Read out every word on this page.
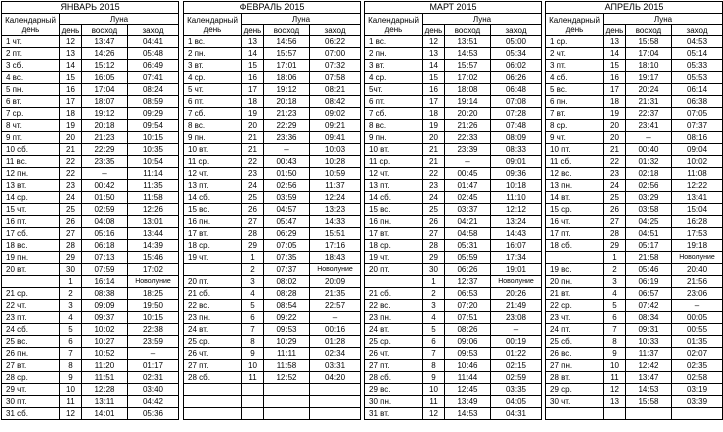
ЯНВАРЬ 2015			
Календарный день	Луна		
	день	восход	заход
1 чт.	12	13:47	04:41
2 пт.	13	14:26	05:48
3 сб.	14	15:12	06:49
4 вс.	15	16:05	07:41
5 пн.	16	17:04	08:24
6 вт.	17	18:07	08:59
7 ср.	18	19:12	09:29
8 чт.	19	20:18	09:54
9 пт.	20	21:23	10:15
10 сб.	21	22:29	10:35
11 вс.	22	23:35	10:54
12 пн.	22	–	11:14
13 вт.	23	00:42	11:35
14 ср.	24	01:50	11:58
15 чт.	25	02:59	12:26
16 пт.	26	04:08	13:01
17 сб.	27	05:16	13:44
18 вс.	28	06:18	14:39
19 пн.	29	07:13	15:46
20 вт.	30	07:59	17:02
	1	16:14	Новолуние
21 ср.	2	08:38	18:25
22 чт.	3	09:09	19:50
23 пт.	4	09:37	10:15
24 сб.	5	10:02	22:38
25 вс.	6	10:27	23:59
26 пн.	7	10:52	–
27 вт.	8	11:20	01:17
28 ср.	9	11:51	02:31
29 чт.	10	12:28	03:40
30 пт.	11	13:11	04:42
31 сб.	12	14:01	05:36
ФЕВРАЛЬ 2015			
Календарный день	Луна		
	день	восход	заход
1 вс.	13	14:56	06:22
2 пн.	14	15:57	07:00
3 вт.	15	17:01	07:32
4 ср.	16	18:06	07:58
5 чт.	17	19:12	08:21
6 пт.	18	20:18	08:42
7 сб.	19	21:23	09:02
8 вс.	20	22:29	09:21
9 пн.	21	23:36	09:41
10 вт.	21	–	10:03
11 ср.	22	00:43	10:28
12 чт.	23	01:50	10:59
13 пт.	24	02:56	11:37
14 сб.	25	03:59	12:24
15 вс.	26	04:57	13:23
16 пн.	27	05:47	14:33
17 вт.	28	06:29	15:51
18 ср.	29	07:05	17:16
19 чт.	1	07:35	18:43
	2	07:37	Новолуние
20 пт.	3	08:02	20:09
21 сб.	4	08:28	21:35
22 вс.	5	08:54	22:57
23 пн.	6	09:22	–
24 вт.	7	09:53	00:16
25 ср.	8	10:29	01:28
26 чт.	9	11:11	02:34
27 пт.	10	11:58	03:31
28 сб.	11	12:52	04:20

МАРТ 2015			
Календарный день	Луна		
	день	восход	заход
1 вс.	12	13:51	05:00
2 пн.	13	14:53	05:34
3 вт.	14	15:57	06:02
4 ср.	15	17:02	06:26
5чт.	16	18:08	06:48
6 пт.	17	19:14	07:08
7 сб.	18	20:20	07:28
8 вс.	19	21:26	07:48
9 пн.	20	22:33	08:09
10 вт.	21	23:39	08:33
11 ср.	21	–	09:01
12 чт.	22	00:45	09:36
13 пт.	23	01:47	10:18
14 сб.	24	02:45	11:10
15 вс.	25	03:37	12:12
16 пн.	26	04:21	13:24
17 вт.	27	04:58	14:43
18 ср.	28	05:31	16:07
19 чт.	29	05:59	17:34
20 пт.	30	06:26	19:01
	1	12:37	Новолуние
21 сб.	2	06:53	20:26
22 вс.	3	07:20	21:49
23 пн.	4	07:51	23:08
24 вт.	5	08:26	–
25 ср.	6	09:06	00:19
26 чт.	7	09:53	01:22
27 пт.	8	10:46	02:15
28 сб.	9	11:44	02:59
29 вс.	10	12:45	03:35
30 пн.	11	13:49	04:05
31 вт.	12	14:53	04:31
АПРЕЛЬ 2015			
Календарный день	Луна		
	день	восход	заход
1 ср.	13	15:58	04:53
2 чт.	14	17:04	05:14
3 пт.	15	18:10	05:33
4 сб.	16	19:17	05:53
5 вс.	17	20:24	06:14
6 пн.	18	21:31	06:38
7 вт.	19	22:37	07:05
8 ср.	20	23:41	07:37
9 чт.	20	–	08:16
10 пт.	21	00:40	09:04
11 сб.	22	01:32	10:02
12 вс.	23	02:18	11:08
13 пн.	24	02:56	12:22
14 вт.	25	03:29	13:41
15 ср.	26	03:58	15:04
16 чт.	27	04:25	16:28
17 пт.	28	04:51	17:53
18 сб.	29	05:17	19:18
	1	21:58	Новолуние
19 вс.	2	05:46	20:40
20 пн.	3	06:19	21:56
21 вт.	4	06:57	23:06
22 ср.	5	07:42	–
23 чт.	6	08:34	00:05
24 пт.	7	09:31	00:55
25 сб.	8	10:33	01:35
26 вс.	9	11:37	02:07
27 пн.	10	12:42	02:35
28 вт.	11	13:47	02:58
29 ср.	12	14:53	03:19
30 чт.	13	15:58	03:39
